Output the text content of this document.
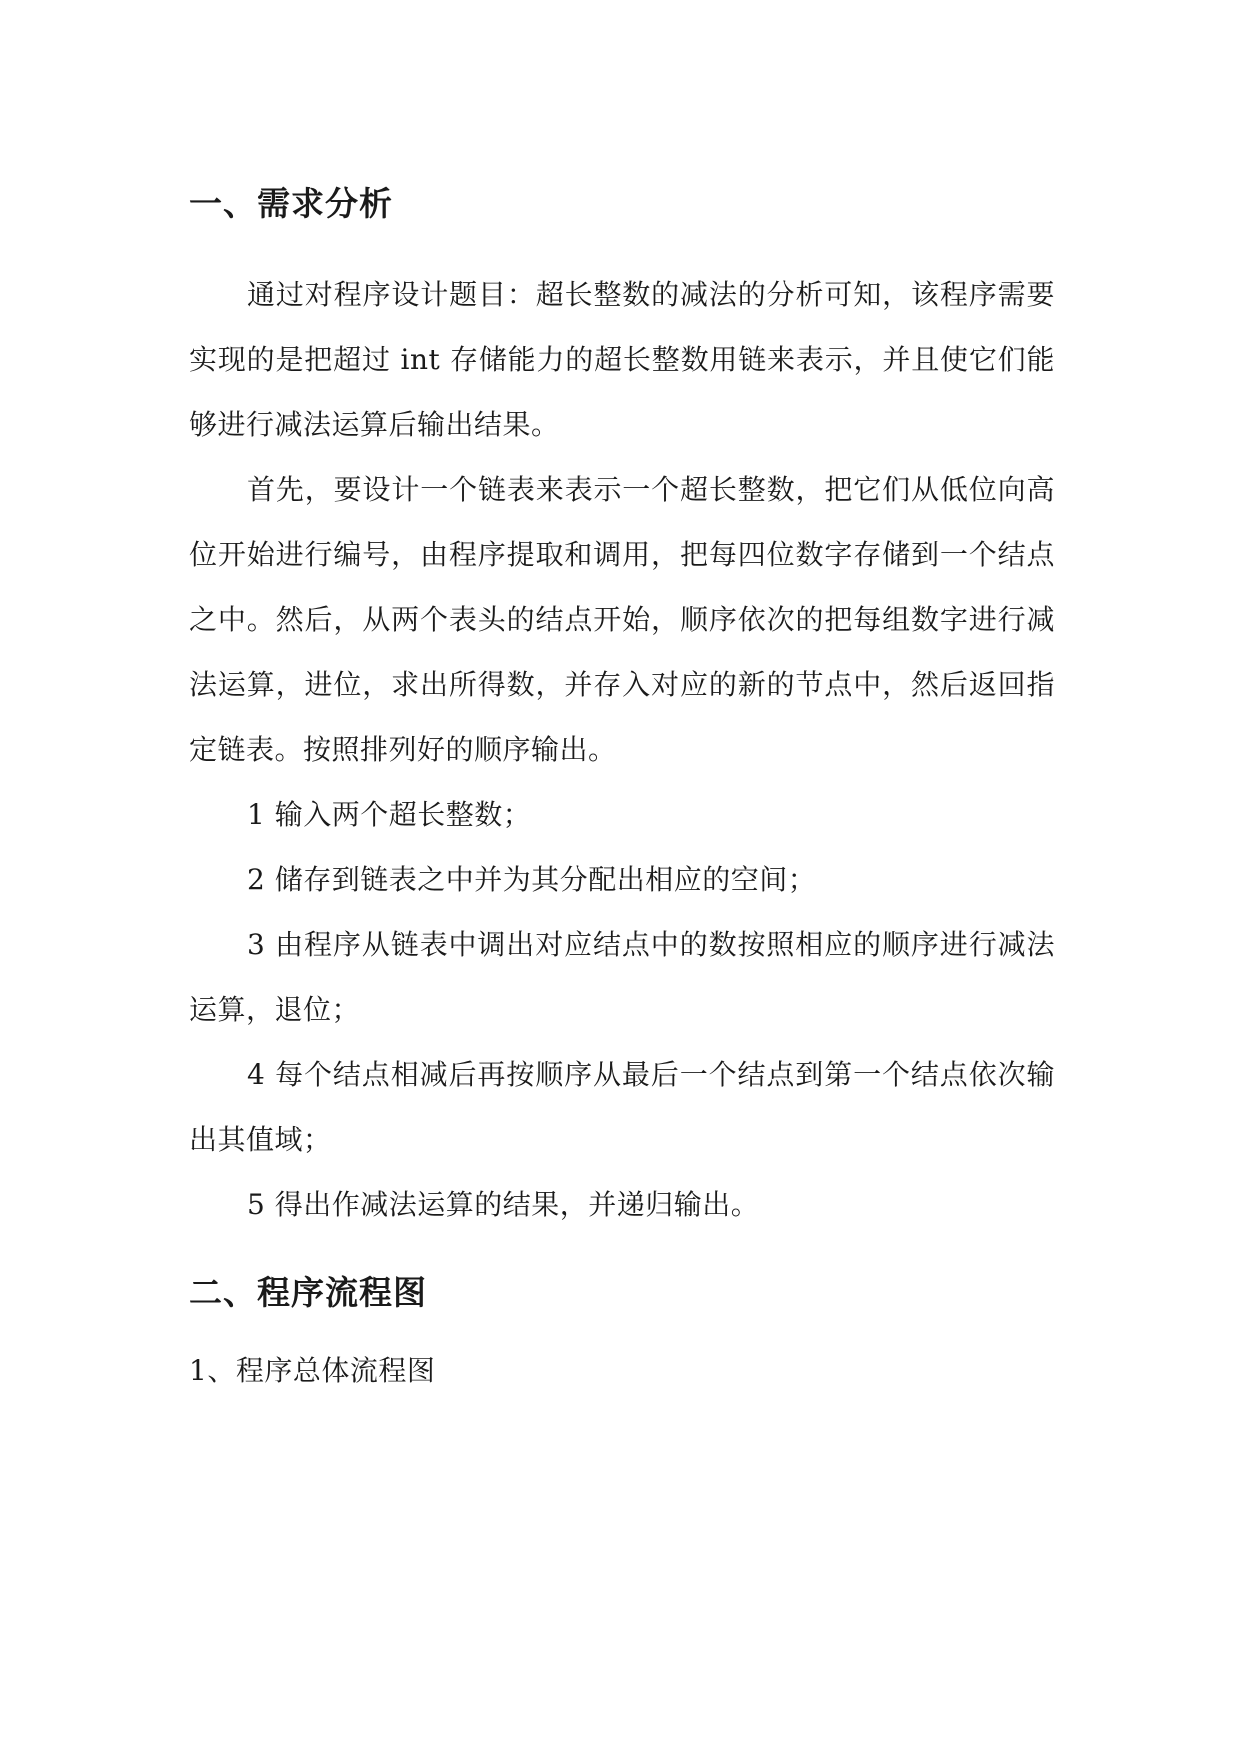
一、需求分析

通过对程序设计题目：超长整数的减法的分析可知，该程序需要实现的是把超过 int 存储能力的超长整数用链来表示，并且使它们能够进行减法运算后输出结果。

首先，要设计一个链表来表示一个超长整数，把它们从低位向高位开始进行编号，由程序提取和调用，把每四位数字存储到一个结点之中。然后，从两个表头的结点开始，顺序依次的把每组数字进行减法运算，进位，求出所得数，并存入对应的新的节点中，然后返回指定链表。按照排列好的顺序输出。

1 输入两个超长整数；

2 储存到链表之中并为其分配出相应的空间；

3 由程序从链表中调出对应结点中的数按照相应的顺序进行减法运算，退位；

4 每个结点相减后再按顺序从最后一个结点到第一个结点依次输出其值域；

5 得出作减法运算的结果，并递归输出。

二、程序流程图

1、程序总体流程图
